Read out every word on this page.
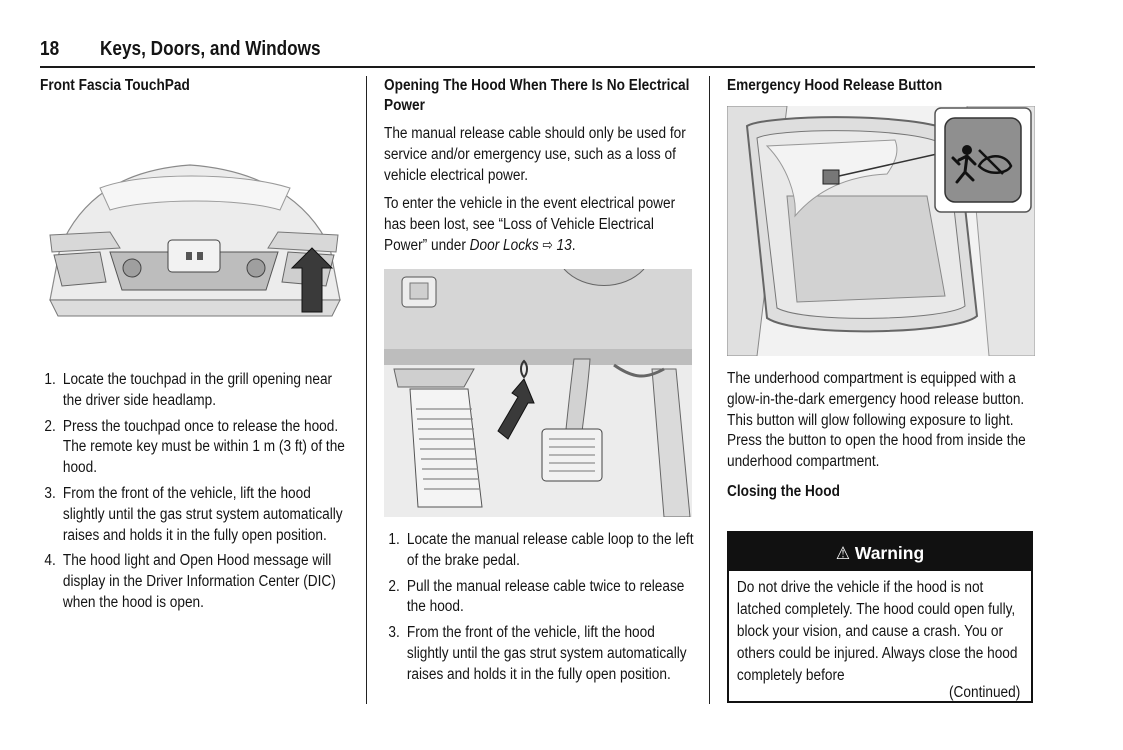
18 Keys, Doors, and Windows
Front Fascia TouchPad
1. Locate the touchpad in the grill opening near the driver side headlamp.
2. Press the touchpad once to release the hood. The remote key must be within 1 m (3 ft) of the hood.
3. From the front of the vehicle, lift the hood slightly until the gas strut system automatically raises and holds it in the fully open position.
4. The hood light and Open Hood message will display in the Driver Information Center (DIC) when the hood is open.
Opening The Hood When There Is No Electrical Power
The manual release cable should only be used for service and/or emergency use, such as a loss of vehicle electrical power.
To enter the vehicle in the event electrical power has been lost, see “Loss of Vehicle Electrical Power” under Door Locks ⇨ 13.
1. Locate the manual release cable loop to the left of the brake pedal.
2. Pull the manual release cable twice to release the hood.
3. From the front of the vehicle, lift the hood slightly until the gas strut system automatically raises and holds it in the fully open position.
Emergency Hood Release Button
The underhood compartment is equipped with a glow-in-the-dark emergency hood release button. This button will glow following exposure to light. Press the button to open the hood from inside the underhood compartment.
Closing the Hood
⚠ Warning
Do not drive the vehicle if the hood is not latched completely. The hood could open fully, block your vision, and cause a crash. You or others could be injured. Always close the hood completely before
(Continued)
